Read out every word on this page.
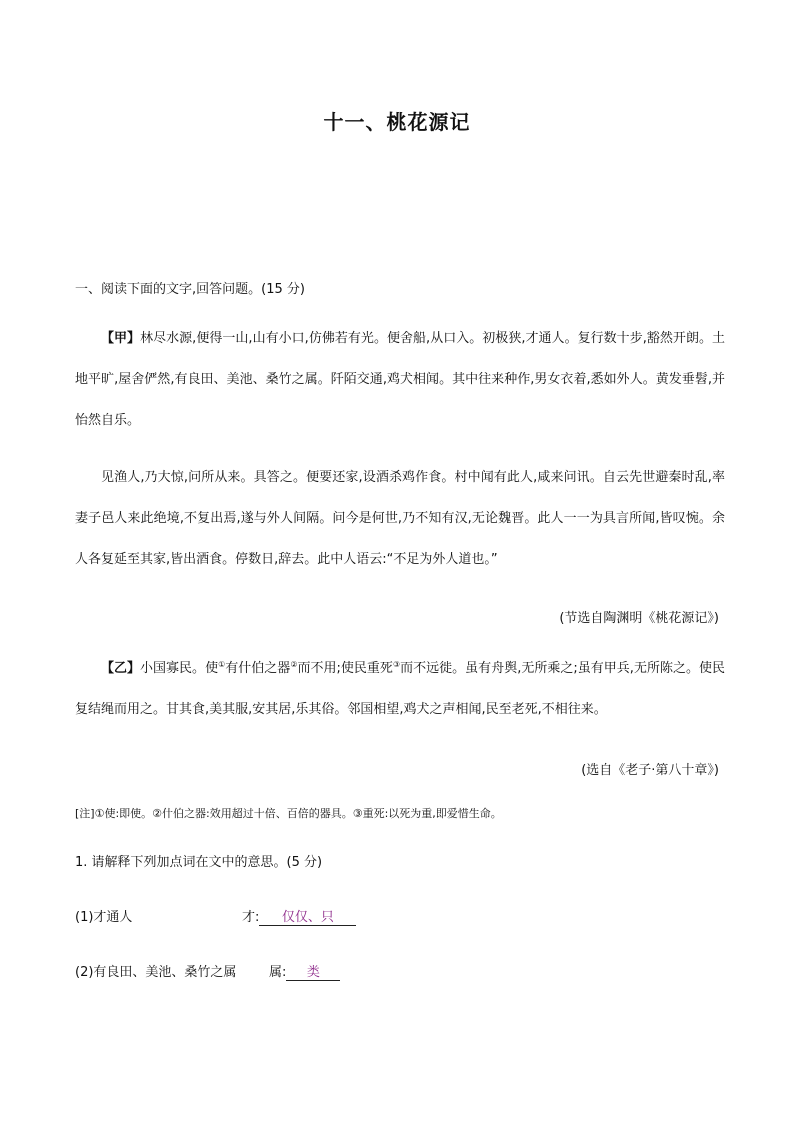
十一、桃花源记
一、阅读下面的文字,回答问题。(15 分)
【甲】林尽水源,便得一山,山有小口,仿佛若有光。便舍船,从口入。初极狭,才通人。复行数十步,豁然开朗。土地平旷,屋舍俨然,有良田、美池、桑竹之属。阡陌交通,鸡犬相闻。其中往来种作,男女衣着,悉如外人。黄发垂髫,并怡然自乐。
见渔人,乃大惊,问所从来。具答之。便要还家,设酒杀鸡作食。村中闻有此人,咸来问讯。自云先世避秦时乱,率妻子邑人来此绝境,不复出焉,遂与外人间隔。问今是何世,乃不知有汉,无论魏晋。此人一一为具言所闻,皆叹惋。余人各复延至其家,皆出酒食。停数日,辞去。此中人语云:“不足为外人道也。”
(节选自陶渊明《桃花源记》)
【乙】小国寡民。使①有什伯之器②而不用;使民重死③而不远徙。虽有舟舆,无所乘之;虽有甲兵,无所陈之。使民复结绳而用之。甘其食,美其服,安其居,乐其俗。邻国相望,鸡犬之声相闻,民至老死,不相往来。
(选自《老子·第八十章》)
[注]①使:即使。②什伯之器:效用超过十倍、百倍的器具。③重死:以死为重,即爱惜生命。
1. 请解释下列加点词在文中的意思。(5 分)
(1)才通人	才: 仅仅、只
(2)有良田、美池、桑竹之属	属: 类
